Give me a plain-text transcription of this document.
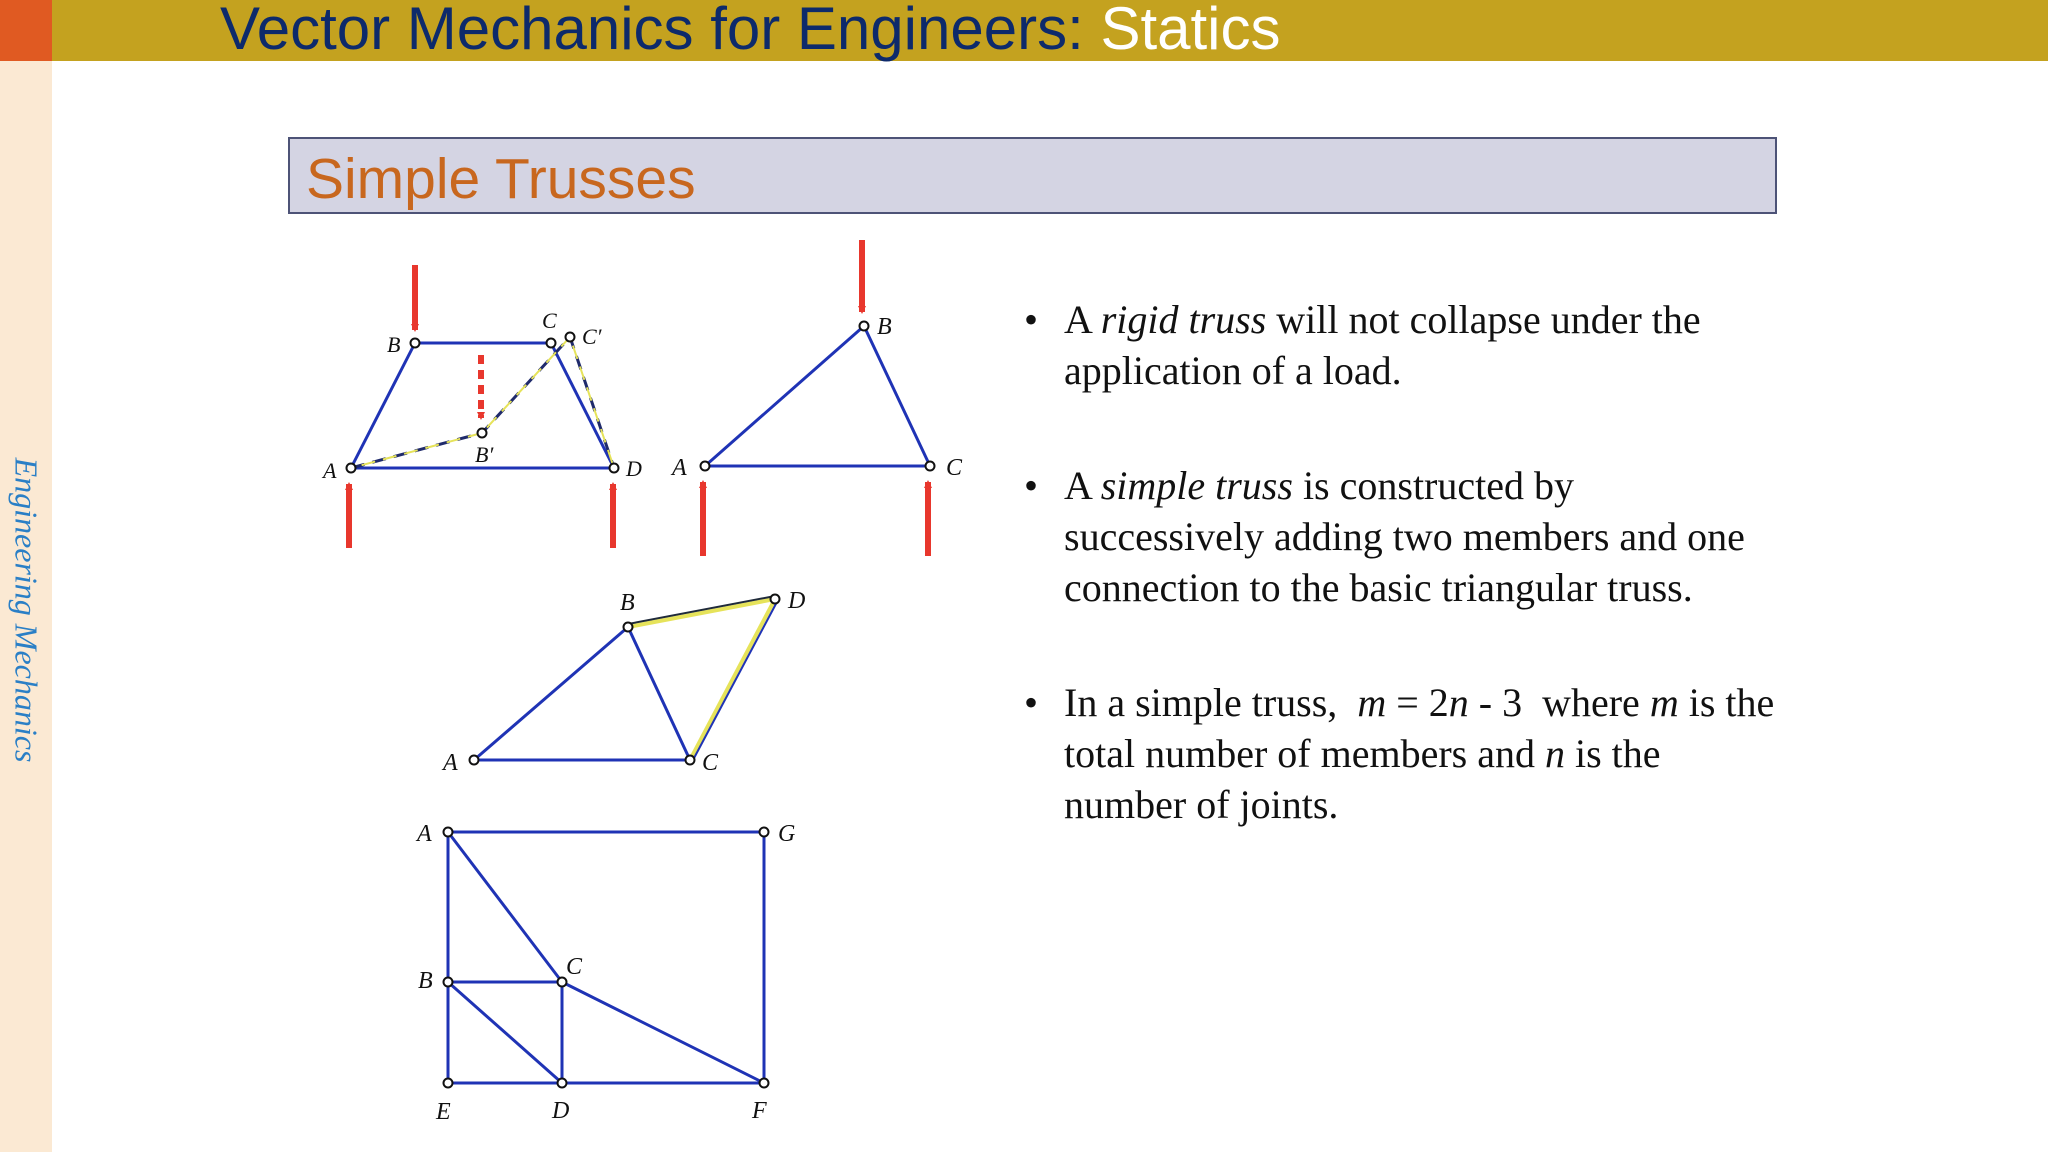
Vector Mechanics for Engineers: Statics
Engineering Mechanics
Simple Trusses
A
B
C
C′
B′
D A
B
C
A
B
C
D
A	G
B
C
E	D	F
• A rigid truss will not collapse under the application of a load.
• A simple truss is constructed by successively adding two members and one connection to the basic triangular truss.
• In a simple truss,  m = 2n - 3  where m is the total number of members and n is the number of joints.
